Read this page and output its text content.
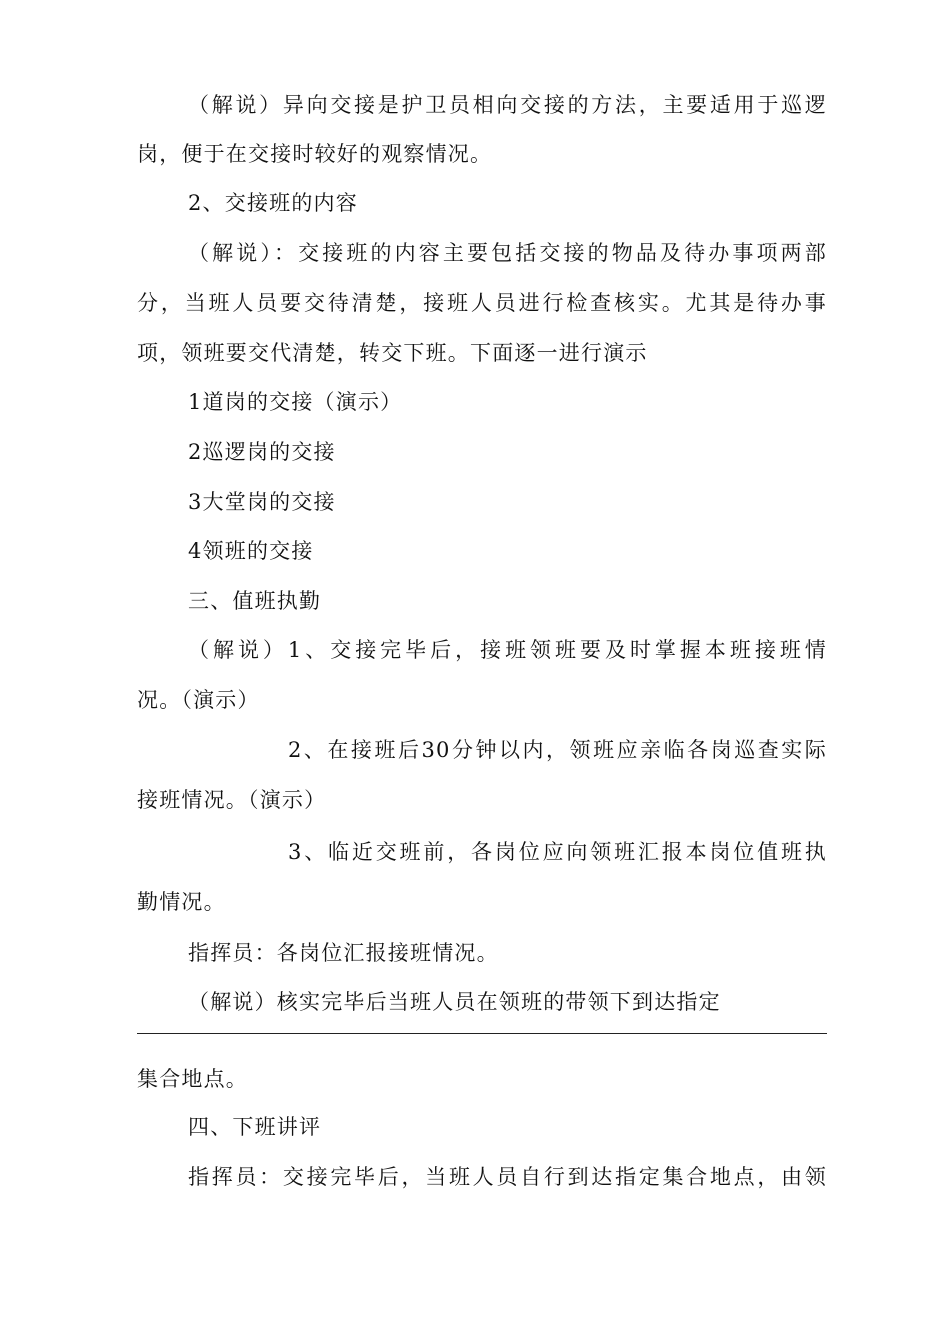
（解说）异向交接是护卫员相向交接的方法，主要适用于巡逻
岗，便于在交接时较好的观察情况。
2、交接班的内容
（解说）：交接班的内容主要包括交接的物品及待办事项两部
分，当班人员要交待清楚，接班人员进行检查核实。尤其是待办事
项，领班要交代清楚，转交下班。下面逐一进行演示
1道岗的交接（演示）
2巡逻岗的交接
3大堂岗的交接
4领班的交接
三、值班执勤
（解说）1、交接完毕后，接班领班要及时掌握本班接班情
况。（演示）
2、在接班后30分钟以内，领班应亲临各岗巡查实际
接班情况。（演示）
3、临近交班前，各岗位应向领班汇报本岗位值班执
勤情况。
指挥员：各岗位汇报接班情况。
（解说）核实完毕后当班人员在领班的带领下到达指定
集合地点。
四、下班讲评
指挥员：交接完毕后，当班人员自行到达指定集合地点，由领
